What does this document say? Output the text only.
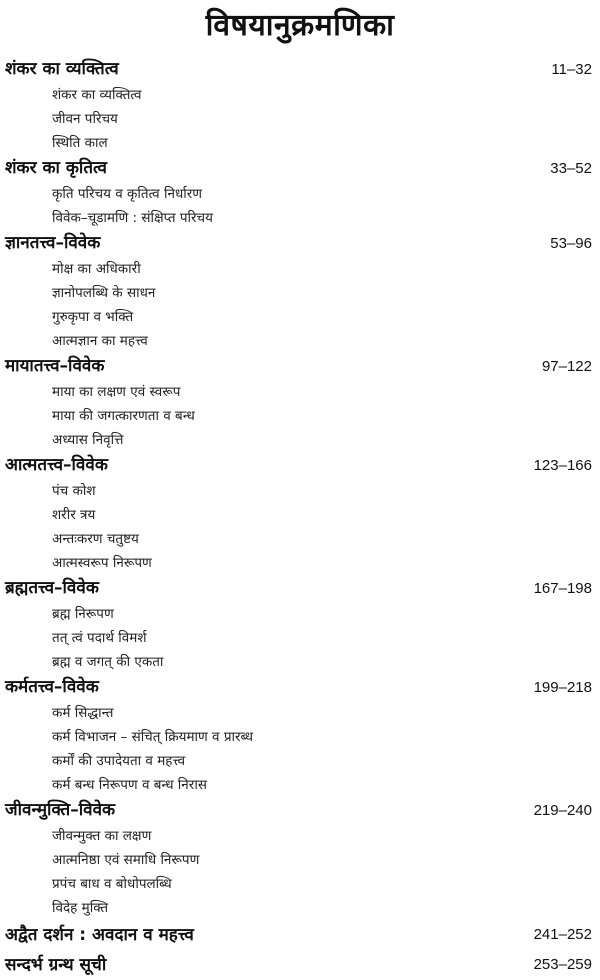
विषयानुक्रमणिका
शंकर का व्यक्तित्व	11–32
शंकर का व्यक्तित्व
जीवन परिचय
स्थिति काल
शंकर का कृतित्व	33–52
कृति परिचय व कृतित्व निर्धारण
विवेक–चूडामणि : संक्षिप्त परिचय
ज्ञानतत्त्व–विवेक	53–96
मोक्ष का अधिकारी
ज्ञानोपलब्धि के साधन
गुरुकृपा व भक्ति
आत्मज्ञान का महत्त्व
मायातत्त्व–विवेक	97–122
माया का लक्षण एवं स्वरूप
माया की जगत्कारणता व बन्ध
अध्यास निवृत्ति
आत्मतत्त्व–विवेक	123–166
पंच कोश
शरीर त्रय
अन्तःकरण चतुष्टय
आत्मस्वरूप निरूपण
ब्रह्मतत्त्व–विवेक	167–198
ब्रह्म निरूपण
तत् त्वं पदार्थ विमर्श
ब्रह्म व जगत् की एकता
कर्मतत्त्व–विवेक	199–218
कर्म सिद्धान्त
कर्म विभाजन – संचित् क्रियमाण व प्रारब्ध
कर्मों की उपादेयता व महत्त्व
कर्म बन्ध निरूपण व बन्ध निरास
जीवन्मुक्ति–विवेक	219–240
जीवन्मुक्त का लक्षण
आत्मनिष्ठा एवं समाधि निरूपण
प्रपंच बाध व बोधोपलब्धि
विदेह मुक्ति
अद्वैत दर्शन : अवदान व महत्त्व	241–252
सन्दर्भ ग्रन्थ सूची	253–259
